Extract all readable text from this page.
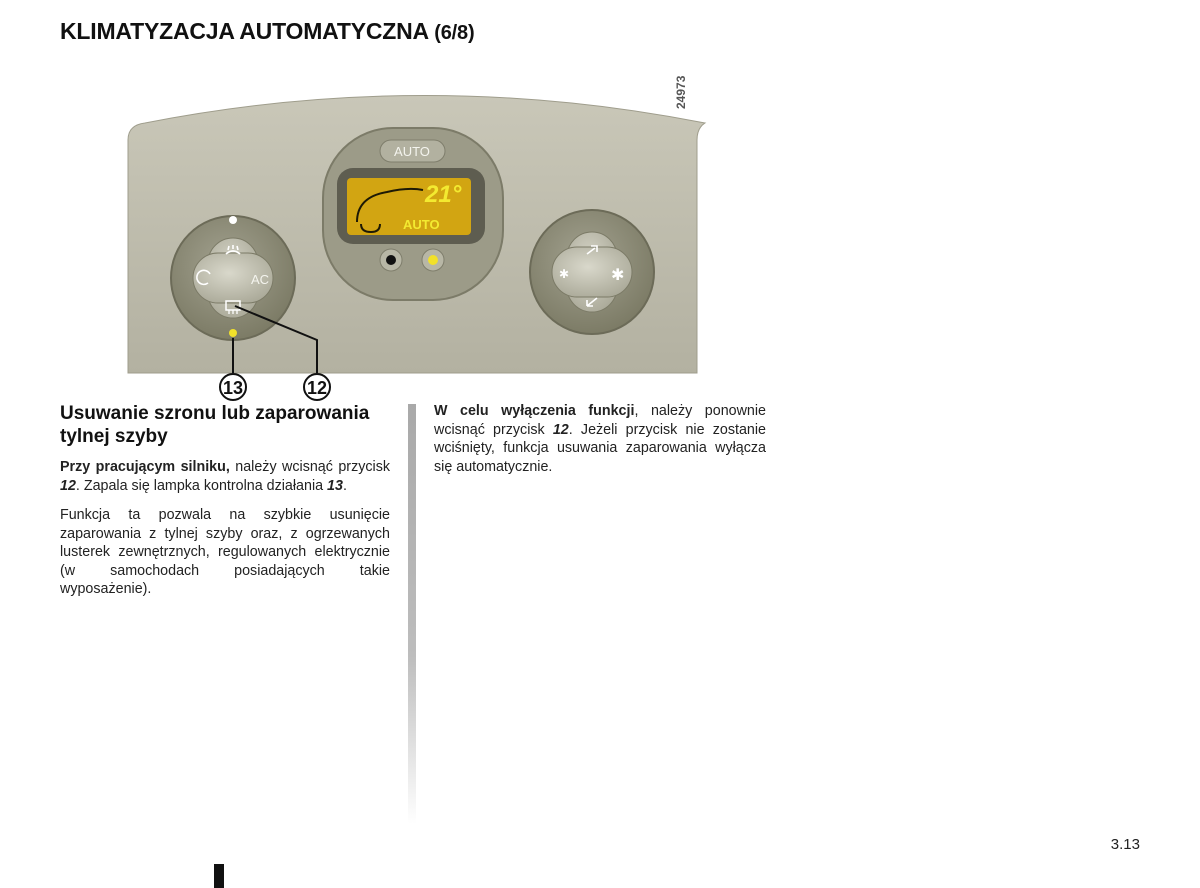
KLIMATYZACJA AUTOMATYCZNA (6/8)
AUTO
21°
AUTO
AC	✱	✱
13	12
24973
Usuwanie szronu lub zaparowania tylnej szyby

Przy pracującym silniku, należy wcisnąć przycisk 12. Zapala się lampka kontrolna działania 13.

Funkcja ta pozwala na szybkie usunięcie zaparowania z tylnej szyby oraz, z ogrzewanych lusterek zewnętrznych, regulowanych elektrycznie (w samochodach posiadających takie wyposażenie).

W celu wyłączenia funkcji, należy ponownie wcisnąć przycisk 12. Jeżeli przycisk nie zostanie wciśnięty, funkcja usuwania zaparowania wyłącza się automatycznie.

3.13
